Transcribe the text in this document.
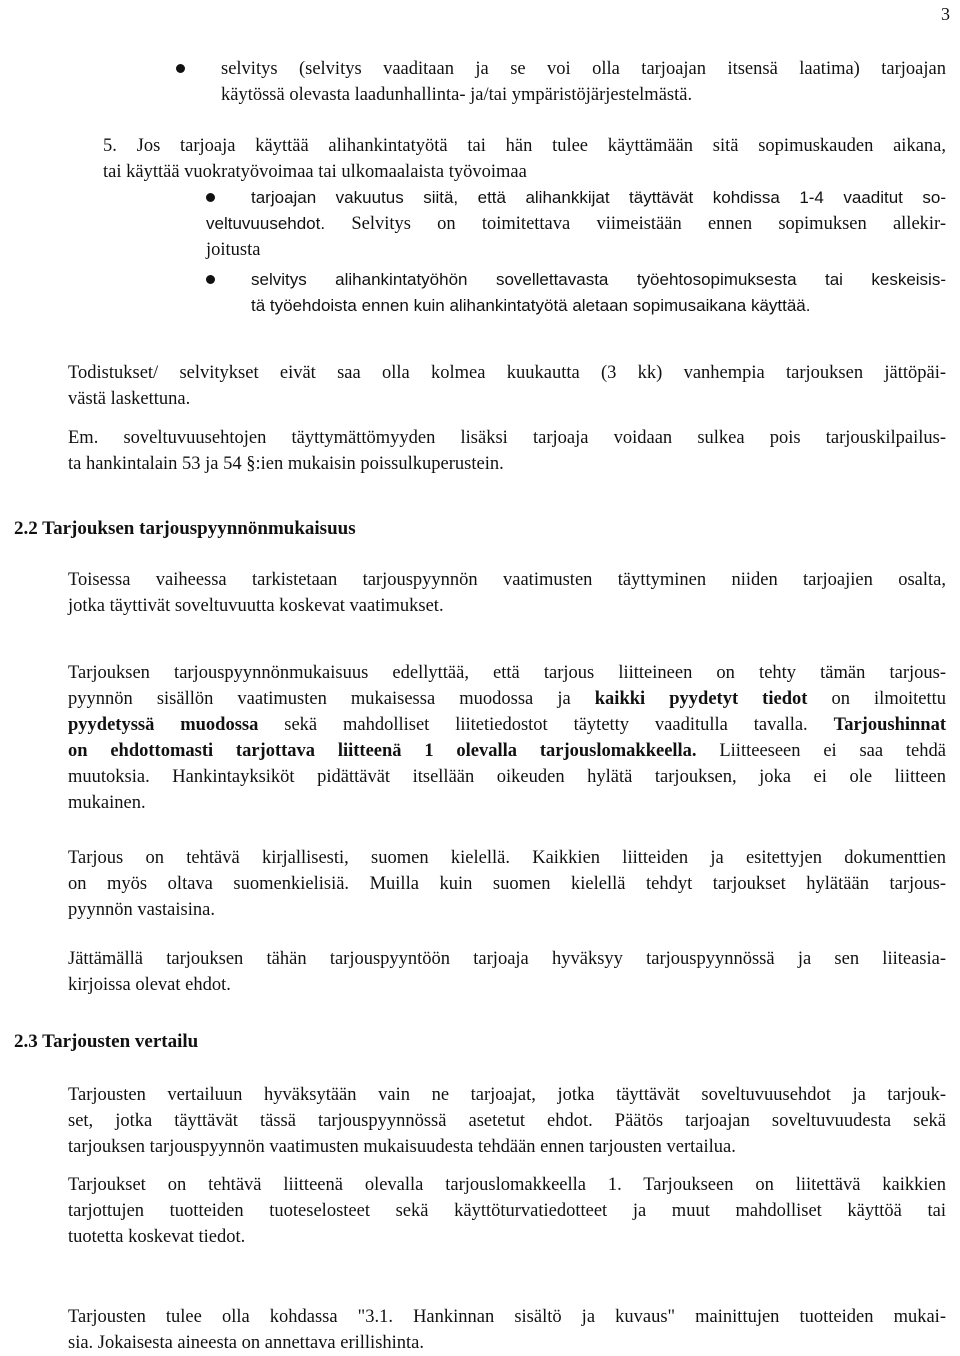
3
selvitys (selvitys vaaditaan ja se voi olla tarjoajan itsensä laatima) tarjoajan
käytössä olevasta laadunhallinta- ja/tai ympäristöjärjestelmästä.
5. Jos tarjoaja käyttää alihankintatyötä tai hän tulee käyttämään sitä sopimuskauden aikana,
tai käyttää vuokratyövoimaa tai ulkomaalaista työvoimaa
tarjoajan vakuutus siitä, että alihankkijat täyttävät kohdissa 1-4 vaaditut so-
veltuvuusehdot. Selvitys on toimitettava viimeistään ennen sopimuksen allekir-
joitusta
selvitys alihankintatyöhön sovellettavasta työehtosopimuksesta tai keskeisis-
tä työehdoista ennen kuin alihankintatyötä aletaan sopimusaikana käyttää.
Todistukset/ selvitykset eivät saa olla kolmea kuukautta (3 kk) vanhempia tarjouksen jättöpäi-
västä laskettuna.
Em. soveltuvuusehtojen täyttymättömyyden lisäksi tarjoaja voidaan sulkea pois tarjouskilpailus-
ta hankintalain 53 ja 54 §:ien mukaisin poissulkuperustein.
2.2 Tarjouksen tarjouspyynnönmukaisuus
Toisessa vaiheessa tarkistetaan tarjouspyynnön vaatimusten täyttyminen niiden tarjoajien osalta,
jotka täyttivät soveltuvuutta koskevat vaatimukset.
Tarjouksen tarjouspyynnönmukaisuus edellyttää, että tarjous liitteineen on tehty tämän tarjous-
pyynnön sisällön vaatimusten mukaisessa muodossa ja kaikki pyydetyt tiedot on ilmoitettu
pyydetyssä muodossa sekä mahdolliset liitetiedostot täytetty vaaditulla tavalla. Tarjoushinnat
on ehdottomasti tarjottava liitteenä 1 olevalla tarjouslomakkeella. Liitteeseen ei saa tehdä
muutoksia. Hankintayksiköt pidättävät itsellään oikeuden hylätä tarjouksen, joka ei ole liitteen
mukainen.
Tarjous on tehtävä kirjallisesti, suomen kielellä. Kaikkien liitteiden ja esitettyjen dokumenttien
on myös oltava suomenkielisiä. Muilla kuin suomen kielellä tehdyt tarjoukset hylätään tarjous-
pyynnön vastaisina.
Jättämällä tarjouksen tähän tarjouspyyntöön tarjoaja hyväksyy tarjouspyynnössä ja sen liiteasia-
kirjoissa olevat ehdot.
2.3 Tarjousten vertailu
Tarjousten vertailuun hyväksytään vain ne tarjoajat, jotka täyttävät soveltuvuusehdot ja tarjouk-
set, jotka täyttävät tässä tarjouspyynnössä asetetut ehdot. Päätös tarjoajan soveltuvuudesta sekä
tarjouksen tarjouspyynnön vaatimusten mukaisuudesta tehdään ennen tarjousten vertailua.
Tarjoukset on tehtävä liitteenä olevalla tarjouslomakkeella 1. Tarjoukseen on liitettävä kaikkien
tarjottujen tuotteiden tuoteselosteet sekä käyttöturvatiedotteet ja muut mahdolliset käyttöä tai
tuotetta koskevat tiedot.
Tarjousten tulee olla kohdassa "3.1. Hankinnan sisältö ja kuvaus" mainittujen tuotteiden mukai-
sia. Jokaisesta aineesta on annettava erillishinta.
